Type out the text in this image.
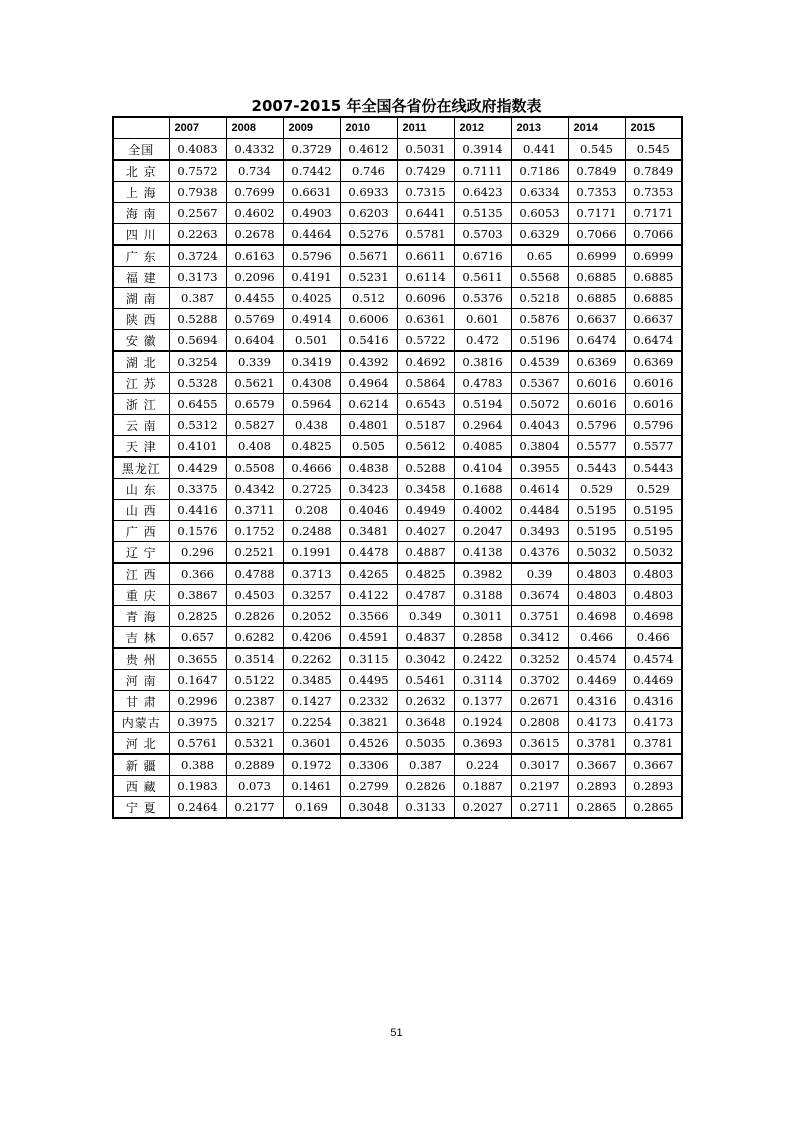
2007-2015 年全国各省份在线政府指数表
	2007	2008	2009	2010	2011	2012	2013	2014	2015
全国	0.4083	0.4332	0.3729	0.4612	0.5031	0.3914	0.441	0.545	0.545
北 京	0.7572	0.734	0.7442	0.746	0.7429	0.7111	0.7186	0.7849	0.7849
上 海	0.7938	0.7699	0.6631	0.6933	0.7315	0.6423	0.6334	0.7353	0.7353
海 南	0.2567	0.4602	0.4903	0.6203	0.6441	0.5135	0.6053	0.7171	0.7171
四 川	0.2263	0.2678	0.4464	0.5276	0.5781	0.5703	0.6329	0.7066	0.7066
广 东	0.3724	0.6163	0.5796	0.5671	0.6611	0.6716	0.65	0.6999	0.6999
福 建	0.3173	0.2096	0.4191	0.5231	0.6114	0.5611	0.5568	0.6885	0.6885
湖 南	0.387	0.4455	0.4025	0.512	0.6096	0.5376	0.5218	0.6885	0.6885
陕 西	0.5288	0.5769	0.4914	0.6006	0.6361	0.601	0.5876	0.6637	0.6637
安 徽	0.5694	0.6404	0.501	0.5416	0.5722	0.472	0.5196	0.6474	0.6474
湖 北	0.3254	0.339	0.3419	0.4392	0.4692	0.3816	0.4539	0.6369	0.6369
江 苏	0.5328	0.5621	0.4308	0.4964	0.5864	0.4783	0.5367	0.6016	0.6016
浙 江	0.6455	0.6579	0.5964	0.6214	0.6543	0.5194	0.5072	0.6016	0.6016
云 南	0.5312	0.5827	0.438	0.4801	0.5187	0.2964	0.4043	0.5796	0.5796
天 津	0.4101	0.408	0.4825	0.505	0.5612	0.4085	0.3804	0.5577	0.5577
黑龙江	0.4429	0.5508	0.4666	0.4838	0.5288	0.4104	0.3955	0.5443	0.5443
山 东	0.3375	0.4342	0.2725	0.3423	0.3458	0.1688	0.4614	0.529	0.529
山 西	0.4416	0.3711	0.208	0.4046	0.4949	0.4002	0.4484	0.5195	0.5195
广 西	0.1576	0.1752	0.2488	0.3481	0.4027	0.2047	0.3493	0.5195	0.5195
辽 宁	0.296	0.2521	0.1991	0.4478	0.4887	0.4138	0.4376	0.5032	0.5032
江 西	0.366	0.4788	0.3713	0.4265	0.4825	0.3982	0.39	0.4803	0.4803
重 庆	0.3867	0.4503	0.3257	0.4122	0.4787	0.3188	0.3674	0.4803	0.4803
青 海	0.2825	0.2826	0.2052	0.3566	0.349	0.3011	0.3751	0.4698	0.4698
吉 林	0.657	0.6282	0.4206	0.4591	0.4837	0.2858	0.3412	0.466	0.466
贵 州	0.3655	0.3514	0.2262	0.3115	0.3042	0.2422	0.3252	0.4574	0.4574
河 南	0.1647	0.5122	0.3485	0.4495	0.5461	0.3114	0.3702	0.4469	0.4469
甘 肃	0.2996	0.2387	0.1427	0.2332	0.2632	0.1377	0.2671	0.4316	0.4316
内蒙古	0.3975	0.3217	0.2254	0.3821	0.3648	0.1924	0.2808	0.4173	0.4173
河 北	0.5761	0.5321	0.3601	0.4526	0.5035	0.3693	0.3615	0.3781	0.3781
新 疆	0.388	0.2889	0.1972	0.3306	0.387	0.224	0.3017	0.3667	0.3667
西 藏	0.1983	0.073	0.1461	0.2799	0.2826	0.1887	0.2197	0.2893	0.2893
宁 夏	0.2464	0.2177	0.169	0.3048	0.3133	0.2027	0.2711	0.2865	0.2865
51
